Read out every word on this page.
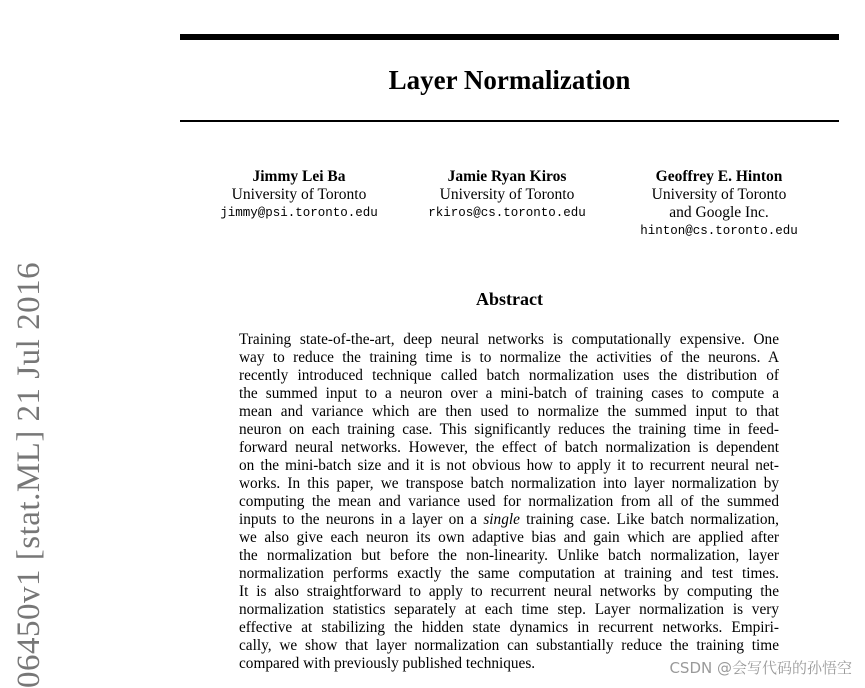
Layer Normalization
Jimmy Lei Ba
University of Toronto
jimmy@psi.toronto.edu
Jamie Ryan Kiros
University of Toronto
rkiros@cs.toronto.edu
Geoffrey E. Hinton
University of Toronto
and Google Inc.
hinton@cs.toronto.edu
Abstract
Training state-of-the-art, deep neural networks is computationally expensive. One
way to reduce the training time is to normalize the activities of the neurons. A
recently introduced technique called batch normalization uses the distribution of
the summed input to a neuron over a mini-batch of training cases to compute a
mean and variance which are then used to normalize the summed input to that
neuron on each training case. This significantly reduces the training time in feed-
forward neural networks. However, the effect of batch normalization is dependent
on the mini-batch size and it is not obvious how to apply it to recurrent neural net-
works. In this paper, we transpose batch normalization into layer normalization by
computing the mean and variance used for normalization from all of the summed
inputs to the neurons in a layer on a single training case. Like batch normalization,
we also give each neuron its own adaptive bias and gain which are applied after
the normalization but before the non-linearity. Unlike batch normalization, layer
normalization performs exactly the same computation at training and test times.
It is also straightforward to apply to recurrent neural networks by computing the
normalization statistics separately at each time step. Layer normalization is very
effective at stabilizing the hidden state dynamics in recurrent networks. Empiri-
cally, we show that layer normalization can substantially reduce the training time
compared with previously published techniques.
06450v1 [stat.ML] 21 Jul 2016	CSDN @会写代码的孙悟空
